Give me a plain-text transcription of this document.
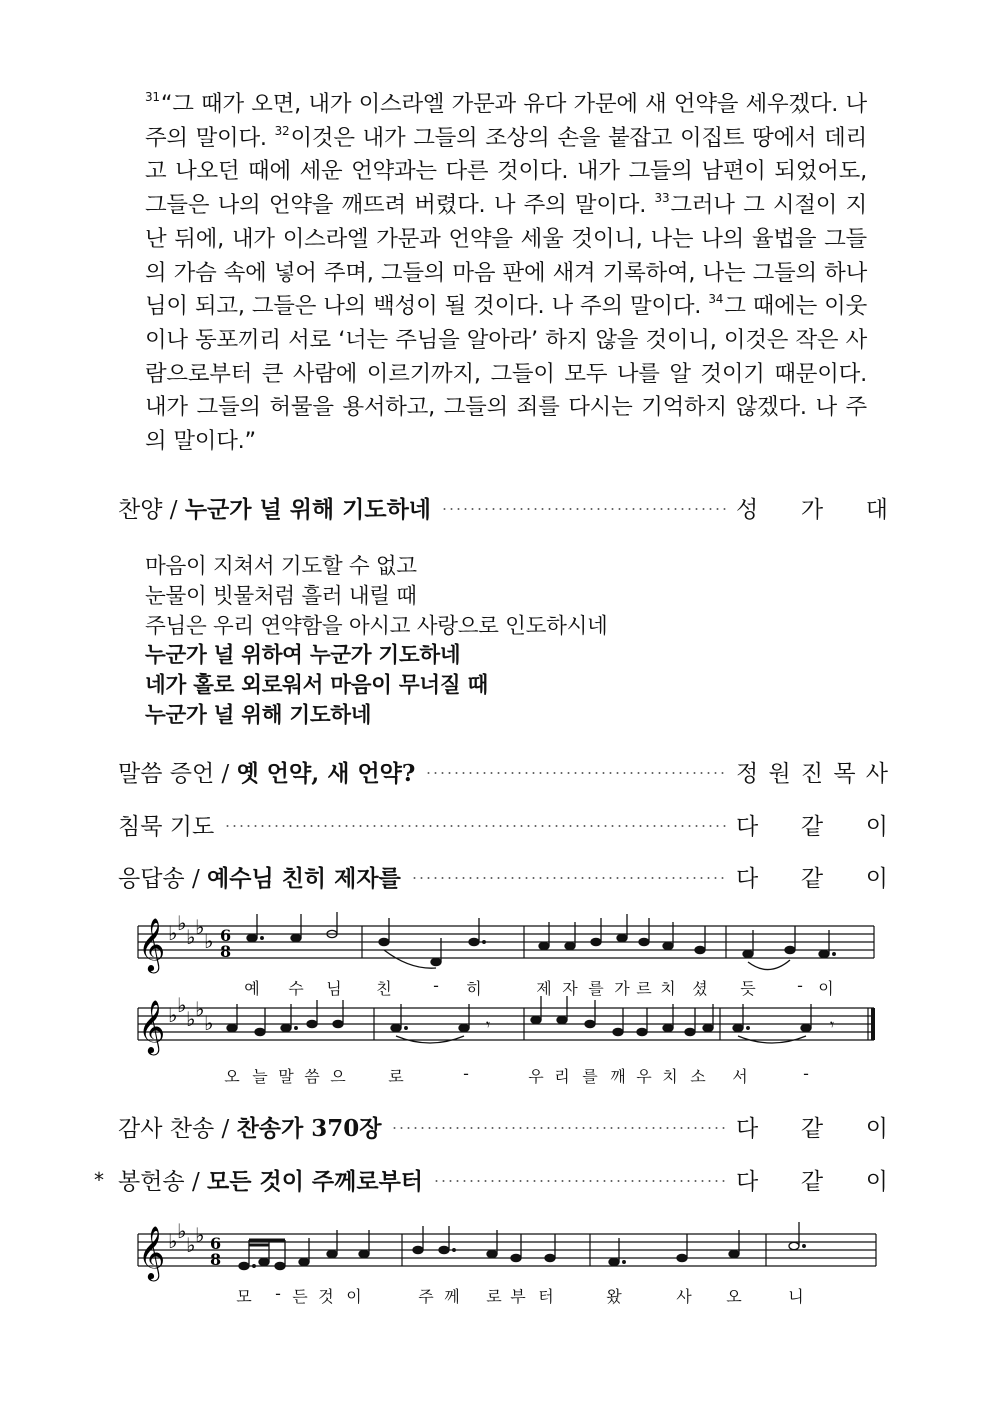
$^{31}$“그 때가 오면, 내가 이스라엘 가문과 유다 가문에 새 언약을 세우겠다. 나 주의 말이다. $^{32}$이것은 내가 그들의 조상의 손을 붙잡고 이집트 땅에서 데리고 나오던 때에 세운 언약과는 다른 것이다. 내가 그들의 남편이 되었어도, 그들은 나의 언약을 깨뜨려 버렸다. 나 주의 말이다. $^{33}$그러나 그 시절이 지난 뒤에, 내가 이스라엘 가문과 언약을 세울 것이니, 나는 나의 율법을 그들의 가슴 속에 넣어 주며, 그들의 마음 판에 새겨 기록하여, 나는 그들의 하나님이 되고, 그들은 나의 백성이 될 것이다. 나 주의 말이다. $^{34}$그 때에는 이웃이나 동포끼리 서로 ‘너는 주님을 알아라’ 하지 않을 것이니, 이것은 작은 사람으로부터 큰 사람에 이르기까지, 그들이 모두 나를 알 것이기 때문이다. 내가 그들의 허물을 용서하고, 그들의 죄를 다시는 기억하지 않겠다. 나 주의 말이다.”
찬양 / 누군가 널 위해 기도하네	성 가 대
마음이 지쳐서 기도할 수 없고
눈물이 빗물처럼 흘러 내릴 때
주님은 우리 연약함을 아시고 사랑으로 인도하시네
누군가 널 위하여 누군가 기도하네
네가 홀로 외로워서 마음이 무너질 때
누군가 널 위해 기도하네
말씀 증언 / 옛 언약, 새 언약?	정 원 진 목 사
침묵 기도	다 같 이
응답송 / 예수님 친히 제자를	다 같 이
𝄞 ♭ ♭
♭ ♭
♭ 6
8
𝄞 ♭ ♭
♭ ♭
♭	𝄾	𝄾
예 수 님 친	- 히	제 자 를 가 르 치 셨 듯	- 이
오 늘 말 씀 으	로	-	우 리 를 깨 우 치 소 서	-
감사 찬송 / 찬송가 370장	다 같 이
* 봉헌송 / 모든 것이 주께로부터	다 같 이
𝄞 ♭ ♭
♭ ♭ 6
8
모 - 든 것 이	주 께 로 부 터	왔	사 오	니
